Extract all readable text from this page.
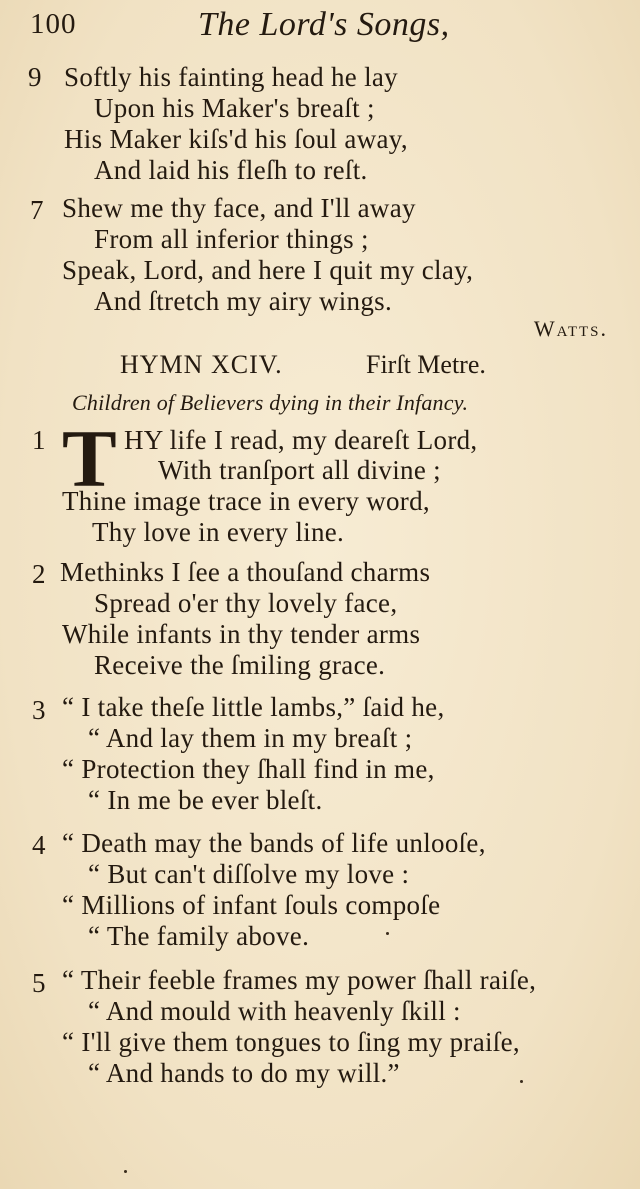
100	The Lord's Songs,
9 Softly his fainting head he lay
Upon his Maker's breaſt ;
His Maker kiſs'd his ſoul away,
And laid his fleſh to reſt.
7 Shew me thy face, and I'll away
From all inferior things ;
Speak, Lord, and here I quit my clay,
And ſtretch my airy wings.
Watts.
HYMN XCIV.	Firſt Metre.
Children of Believers dying in their Infancy.
1 T HY life I read, my deareſt Lord,
With tranſport all divine ;
Thine image trace in every word,
Thy love in every line.
2 Methinks I ſee a thouſand charms
Spread o'er thy lovely face,
While infants in thy tender arms
Receive the ſmiling grace.
3 “ I take theſe little lambs,” ſaid he,
“ And lay them in my breaſt ;
“ Protection they ſhall find in me,
“ In me be ever bleſt.
4 “ Death may the bands of life unlooſe,
“ But can't diſſolve my love :
“ Millions of infant ſouls compoſe
“ The family above.
5 “ Their feeble frames my power ſhall raiſe,
“ And mould with heavenly ſkill :
“ I'll give them tongues to ſing my praiſe,
“ And hands to do my will.”
